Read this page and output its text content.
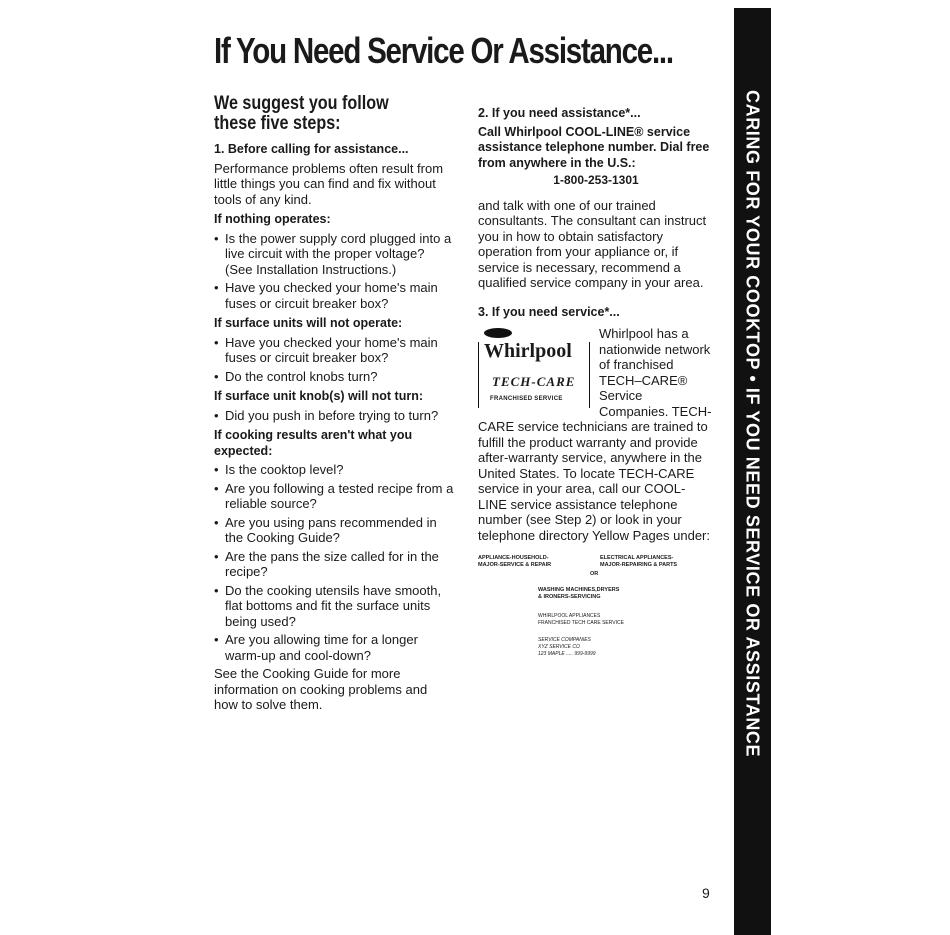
If You Need Service Or Assistance...

We suggest you follow these five steps:

1. Before calling for assistance...

Performance problems often result from little things you can find and fix without tools of any kind.

If nothing operates:

• Is the power supply cord plugged into a live circuit with the proper voltage? (See Installation Instructions.)
• Have you checked your home's main fuses or circuit breaker box?

If surface units will not operate:

• Have you checked your home's main fuses or circuit breaker box?
• Do the control knobs turn?

If surface unit knob(s) will not turn:

• Did you push in before trying to turn?

If cooking results aren't what you expected:

• Is the cooktop level?
• Are you following a tested recipe from a reliable source?
• Are you using pans recommended in the Cooking Guide?
• Are the pans the size called for in the recipe?
• Do the cooking utensils have smooth, flat bottoms and fit the surface units being used?
• Are you allowing time for a longer warm-up and cool-down?

See the Cooking Guide for more information on cooking problems and how to solve them.

2. If you need assistance*...

Call Whirlpool COOL-LINE® service assistance telephone number. Dial free from anywhere in the U.S.:

1-800-253-1301

and talk with one of our trained consultants. The consultant can instruct you in how to obtain satisfactory operation from your appliance or, if service is necessary, recommend a qualified service company in your area.

3. If you need service*...

Whirlpool
TECH-CARE
FRANCHISED SERVICE

Whirlpool has a nationwide network of franchised TECH–CARE® Service Companies. TECH-CARE service technicians are trained to fulfill the product warranty and provide after-warranty service, anywhere in the United States. To locate TECH-CARE service in your area, call our COOL-LINE service assistance telephone number (see Step 2) or look in your telephone directory Yellow Pages under:

APPLIANCE-HOUSEHOLD-
MAJOR-SERVICE & REPAIR
ELECTRICAL APPLIANCES-
MAJOR-REPAIRING & PARTS
OR
WASHING MACHINES,DRYERS
& IRONERS-SERVICING
WHIRLPOOL APPLIANCES
FRANCHISED TECH CARE SERVICE
SERVICE COMPANIES
XYZ SERVICE CO
123 MAPLE ..... 999-9999	CARING FOR YOUR COOKTOP • IF YOU NEED SERVICE OR ASSISTANCE
9
